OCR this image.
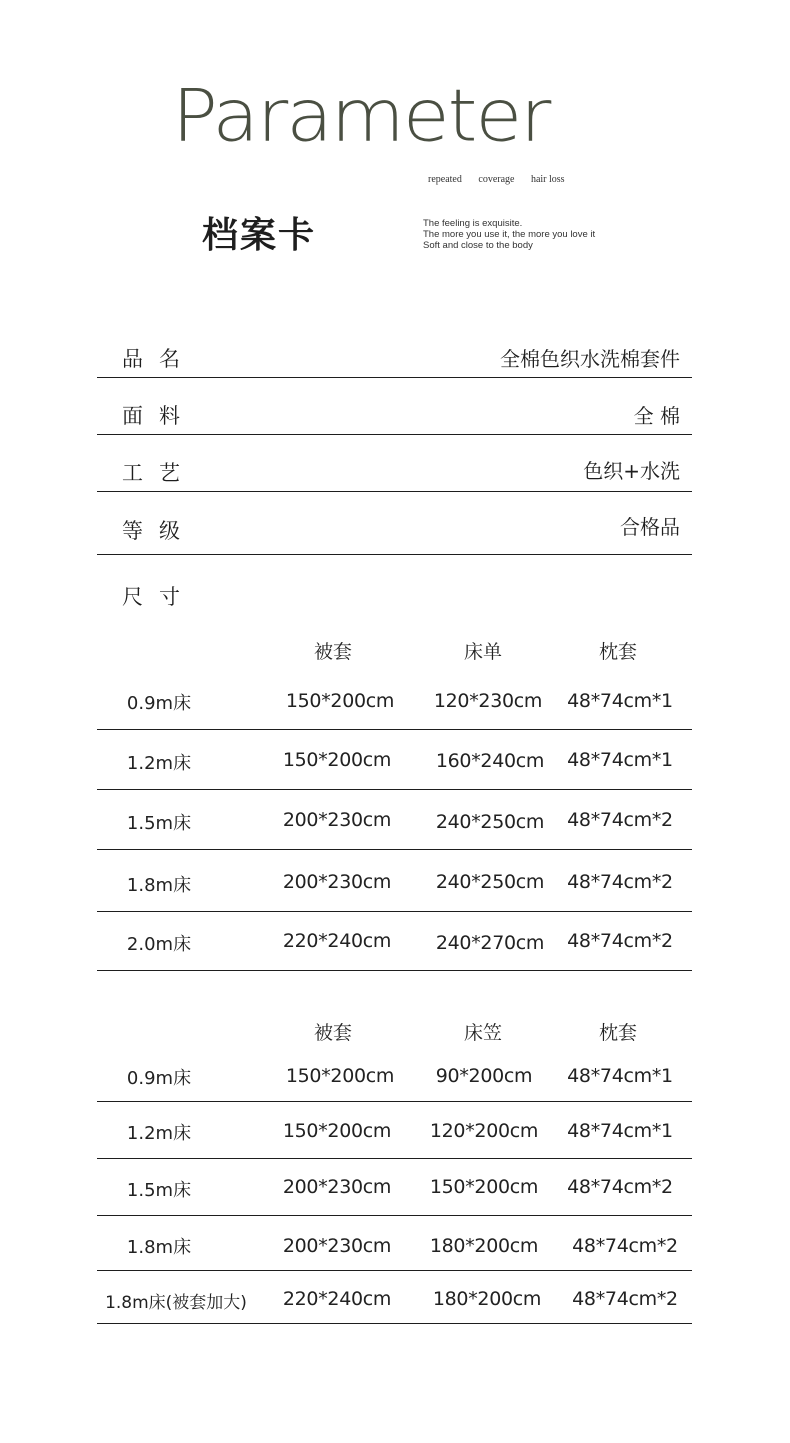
Parameter
repeated coverage hair loss
档案卡	The feeling is exquisite.
The more you use it, the more you love it
Soft and close to the body
品名	全棉色织水洗棉套件
面料	全 棉
工艺	色织+水洗
等级	合格品
尺寸
被套	床单	枕套
0.9m床	150*200cm	120*230cm	48*74cm*1
1.2m床	150*200cm	160*240cm	48*74cm*1
1.5m床	200*230cm	240*250cm	48*74cm*2
1.8m床	200*230cm	240*250cm	48*74cm*2
2.0m床	220*240cm	240*270cm	48*74cm*2
被套	床笠	枕套
0.9m床	150*200cm	90*200cm	48*74cm*1
1.2m床	150*200cm	120*200cm	48*74cm*1
1.5m床	200*230cm	150*200cm	48*74cm*2
1.8m床	200*230cm	180*200cm	48*74cm*2
1.8m床(被套加大)	220*240cm	180*200cm	48*74cm*2
